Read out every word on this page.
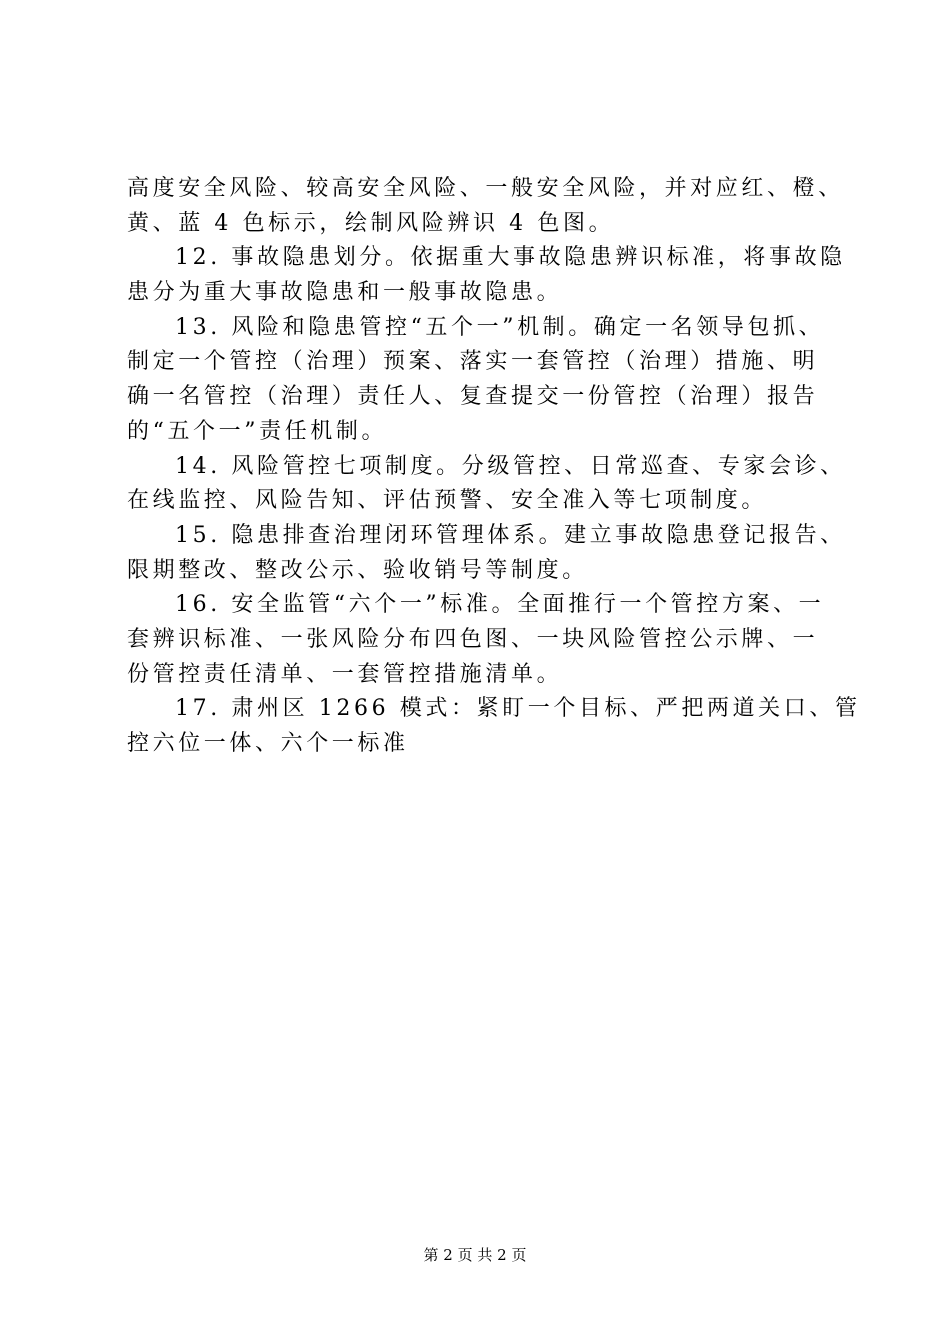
高度安全风险、较高安全风险、一般安全风险，并对应红、橙、
黄、蓝 4 色标示，绘制风险辨识 4 色图。
12. 事故隐患划分。依据重大事故隐患辨识标准，将事故隐
患分为重大事故隐患和一般事故隐患。
13. 风险和隐患管控“五个一”机制。确定一名领导包抓、
制定一个管控（治理）预案、落实一套管控（治理）措施、明
确一名管控（治理）责任人、复查提交一份管控（治理）报告
的“五个一”责任机制。
14. 风险管控七项制度。分级管控、日常巡查、专家会诊、
在线监控、风险告知、评估预警、安全准入等七项制度。
15. 隐患排查治理闭环管理体系。建立事故隐患登记报告、
限期整改、整改公示、验收销号等制度。
16. 安全监管“六个一”标准。全面推行一个管控方案、一
套辨识标准、一张风险分布四色图、一块风险管控公示牌、一
份管控责任清单、一套管控措施清单。
17. 肃州区 1266 模式：紧盯一个目标、严把两道关口、管
控六位一体、六个一标准
第 2 页 共 2 页
